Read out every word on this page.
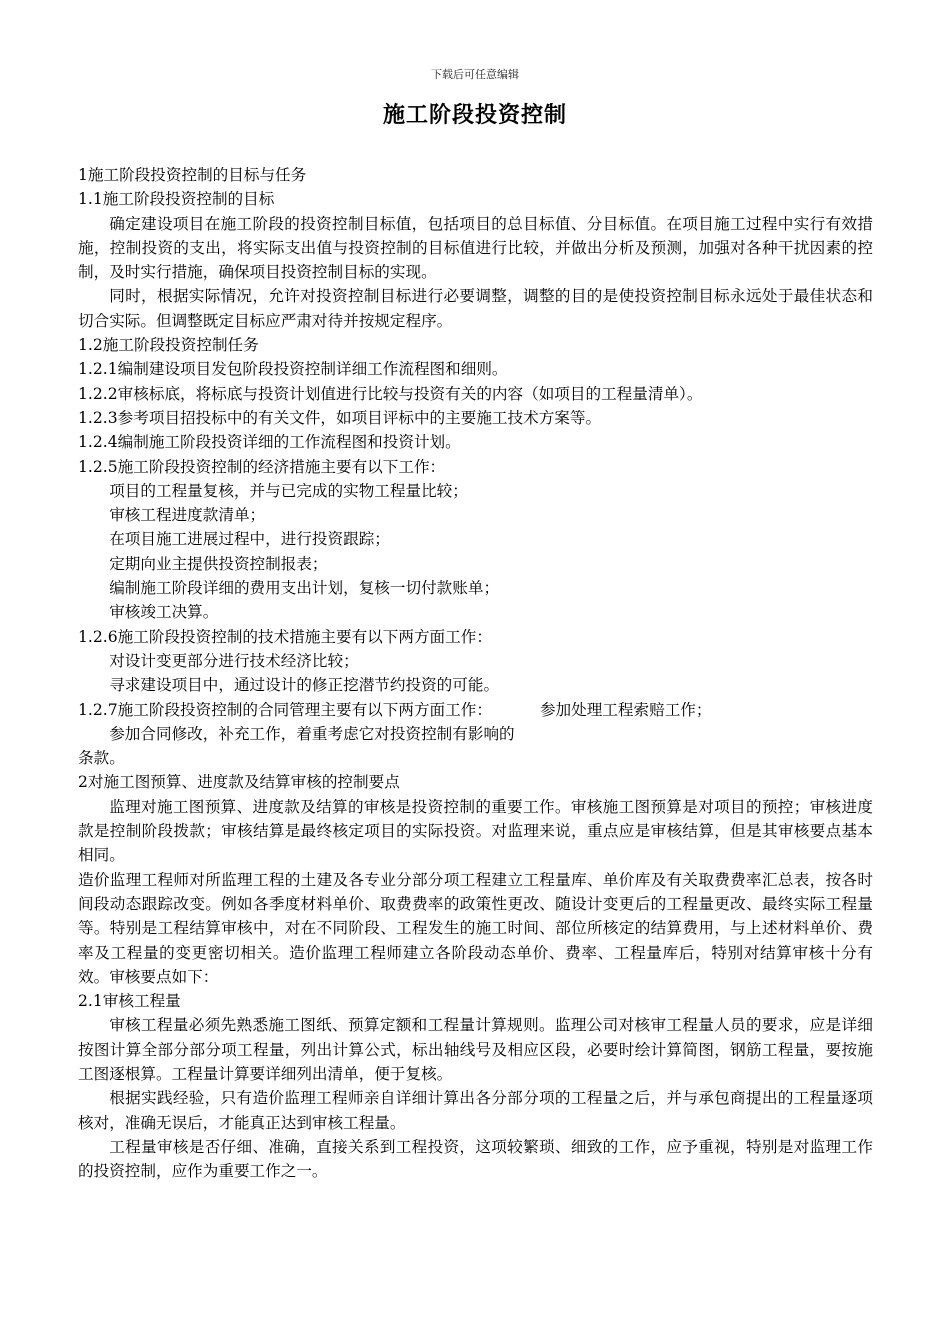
下载后可任意编辑
施工阶段投资控制

1施工阶段投资控制的目标与任务

1.1施工阶段投资控制的目标

确定建设项目在施工阶段的投资控制目标值，包括项目的总目标值、分目标值。在项目施工过程中实行有效措施，控制投资的支出，将实际支出值与投资控制的目标值进行比较，并做出分析及预测，加强对各种干扰因素的控制，及时实行措施，确保项目投资控制目标的实现。

同时，根据实际情况，允许对投资控制目标进行必要调整，调整的目的是使投资控制目标永远处于最佳状态和切合实际。但调整既定目标应严肃对待并按规定程序。

1.2施工阶段投资控制任务

1.2.1编制建设项目发包阶段投资控制详细工作流程图和细则。

1.2.2审核标底，将标底与投资计划值进行比较与投资有关的内容（如项目的工程量清单）。

1.2.3参考项目招投标中的有关文件，如项目评标中的主要施工技术方案等。

1.2.4编制施工阶段投资详细的工作流程图和投资计划。

1.2.5施工阶段投资控制的经济措施主要有以下工作：

项目的工程量复核，并与已完成的实物工程量比较；

审核工程进度款清单；

在项目施工进展过程中，进行投资跟踪；

定期向业主提供投资控制报表；

编制施工阶段详细的费用支出计划，复核一切付款账单；

审核竣工决算。

1.2.6施工阶段投资控制的技术措施主要有以下两方面工作：

对设计变更部分进行技术经济比较；

寻求建设项目中，通过设计的修正挖潜节约投资的可能。

1.2.7施工阶段投资控制的合同管理主要有以下两方面工作：	参加处理工程索赔工作；

参加合同修改，补充工作，着重考虑它对投资控制有影响的

条款。

2对施工图预算、进度款及结算审核的控制要点

监理对施工图预算、进度款及结算的审核是投资控制的重要工作。审核施工图预算是对项目的预控；审核进度款是控制阶段拨款；审核结算是最终核定项目的实际投资。对监理来说，重点应是审核结算，但是其审核要点基本相同。

造价监理工程师对所监理工程的土建及各专业分部分项工程建立工程量库、单价库及有关取费费率汇总表，按各时间段动态跟踪改变。例如各季度材料单价、取费费率的政策性更改、随设计变更后的工程量更改、最终实际工程量等。特别是工程结算审核中，对在不同阶段、工程发生的施工时间、部位所核定的结算费用，与上述材料单价、费率及工程量的变更密切相关。造价监理工程师建立各阶段动态单价、费率、工程量库后，特别对结算审核十分有效。审核要点如下：

2.1审核工程量

审核工程量必须先熟悉施工图纸、预算定额和工程量计算规则。监理公司对核审工程量人员的要求，应是详细按图计算全部分部分项工程量，列出计算公式，标出轴线号及相应区段，必要时绘计算简图，钢筋工程量，要按施工图逐根算。工程量计算要详细列出清单，便于复核。

根据实践经验，只有造价监理工程师亲自详细计算出各分部分项的工程量之后，并与承包商提出的工程量逐项核对，准确无误后，才能真正达到审核工程量。

工程量审核是否仔细、准确，直接关系到工程投资，这项较繁琐、细致的工作，应予重视，特别是对监理工作的投资控制，应作为重要工作之一。
